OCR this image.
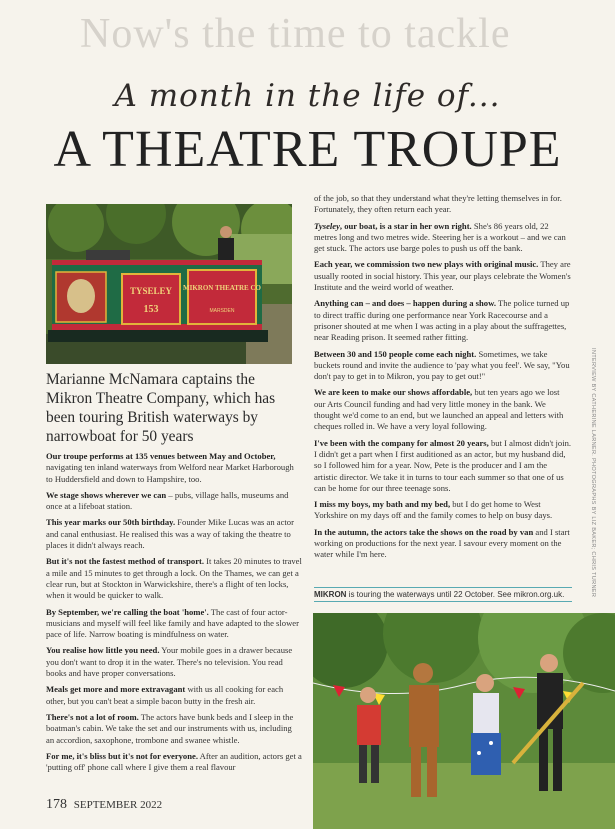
Now's the time to tackle
A month in the life of...
A THEATRE TROUPE
TYSELEY
153
MIKRON THEATRE CO
MARSDEN
Marianne McNamara captains the Mikron Theatre Company, which has been touring British waterways by narrowboat for 50 years

Our troupe performs at 135 venues between May and October, navigating ten inland waterways from Welford near Market Harborough to Huddersfield and down to Hampshire, too.

We stage shows wherever we can – pubs, village halls, museums and once at a lifeboat station.

This year marks our 50th birthday. Founder Mike Lucas was an actor and canal enthusiast. He realised this was a way of taking the theatre to places it didn't always reach.

But it's not the fastest method of transport. It takes 20 minutes to travel a mile and 15 minutes to get through a lock. On the Thames, we can get a clear run, but at Stockton in Warwickshire, there's a flight of ten locks, when it would be quicker to walk.

By September, we're calling the boat 'home'. The cast of four actor-musicians and myself will feel like family and have adapted to the slower pace of life. Narrow boating is mindfulness on water.

You realise how little you need. Your mobile goes in a drawer because you don't want to drop it in the water. There's no television. You read books and have proper conversations.

Meals get more and more extravagant with us all cooking for each other, but you can't beat a simple bacon butty in the fresh air.

There's not a lot of room. The actors have bunk beds and I sleep in the boatman's cabin. We take the set and our instruments with us, including an accordion, saxophone, trombone and swanee whistle.

For me, it's bliss but it's not for everyone. After an audition, actors get a 'putting off' phone call where I give them a real flavour

of the job, so that they understand what they're letting themselves in for. Fortunately, they often return each year.

Tyseley, our boat, is a star in her own right. She's 86 years old, 22 metres long and two metres wide. Steering her is a workout – and we can get stuck. The actors use barge poles to push us off the bank.

Each year, we commission two new plays with original music. They are usually rooted in social history. This year, our plays celebrate the Women's Institute and the weird world of weather.

Anything can – and does – happen during a show. The police turned up to direct traffic during one performance near York Racecourse and a prisoner shouted at me when I was acting in a play about the suffragettes, near Reading prison. It seemed rather fitting.

Between 30 and 150 people come each night. Sometimes, we take buckets round and invite the audience to 'pay what you feel'. We say, "You don't pay to get in to Mikron, you pay to get out!"

We are keen to make our shows affordable, but ten years ago we lost our Arts Council funding and had very little money in the bank. We thought we'd come to an end, but we launched an appeal and letters with cheques rolled in. We have a very loyal following.

I've been with the company for almost 20 years, but I almost didn't join. I didn't get a part when I first auditioned as an actor, but my husband did, so I followed him for a year. Now, Pete is the producer and I am the artistic director. We take it in turns to tour each summer so that one of us can be home for our three teenage sons.

I miss my boys, my bath and my bed, but I do get home to West Yorkshire on my days off and the family comes to help on busy days.

In the autumn, the actors take the shows on the road by van and I start working on productions for the next year. I savour every moment on the water while I'm here.

MIKRON is touring the waterways until 22 October. See mikron.org.uk.	INTERVIEW BY CATHERINE LARNER. PHOTOGRAPHS BY LIZ BAKER; CHRIS TURNER
178 SEPTEMBER 2022
